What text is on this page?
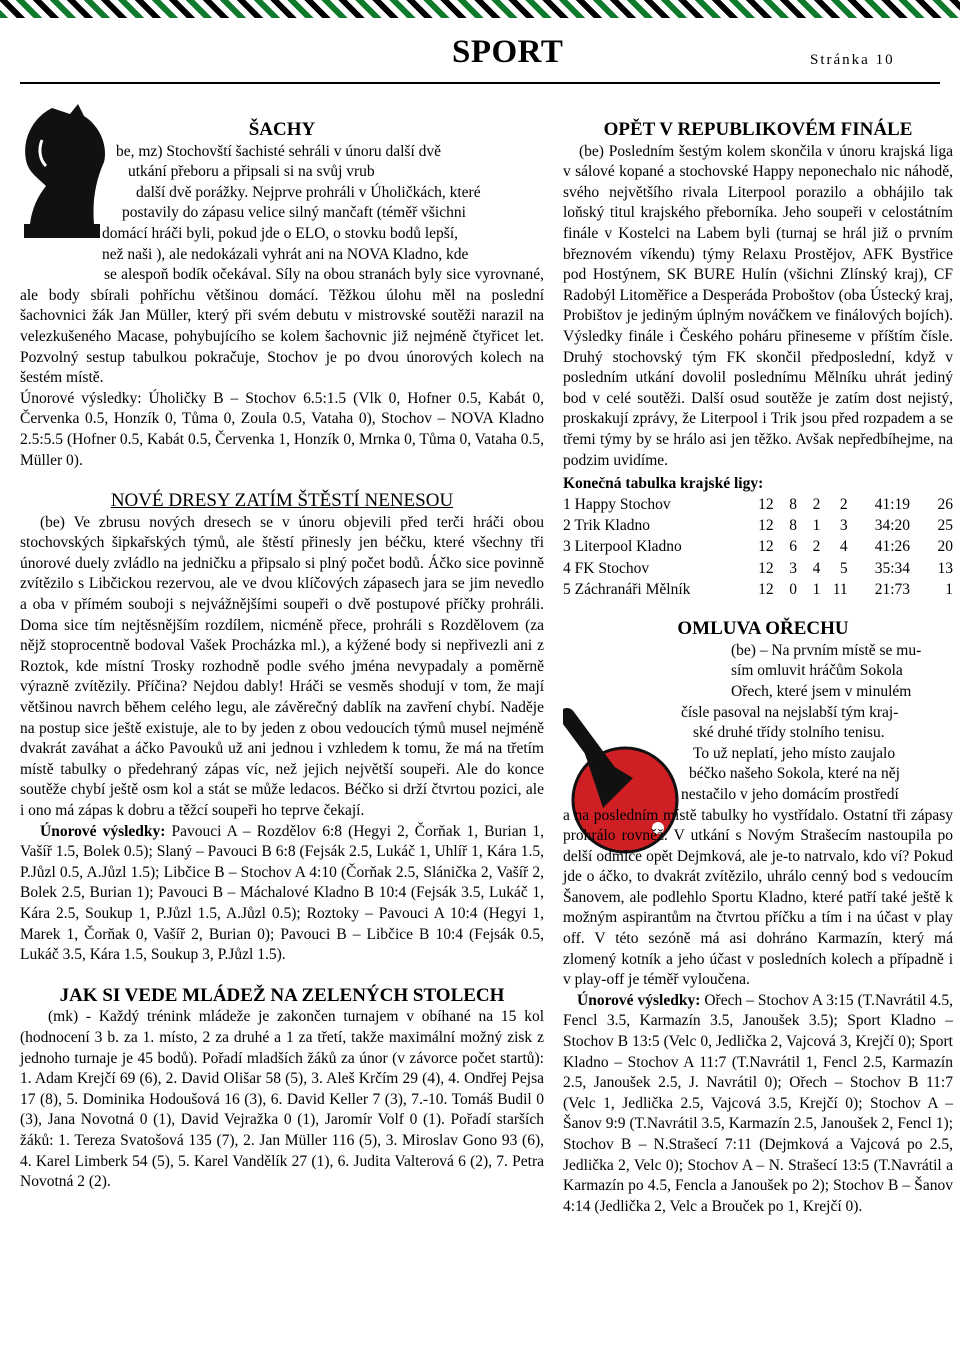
SPORT	Stránka 10
ŠACHY

be, mz) Stochovští šachisté sehráli v únoru další dvě

utkání přeboru a připsali si na svůj vrub

další dvě porážky. Nejprve prohráli v Úholičkách, které

postavily do zápasu velice silný mančaft (téměř všichni

domácí hráči byli, pokud jde o ELO, o stovku bodů lepší,

než naši ), ale nedokázali vyhrát ani na NOVA Kladno, kde

se alespoň bodík očekával. Síly na obou stranách byly sice vyrovnané, ale body sbírali pohříchu většinou domácí. Těžkou úlohu měl na poslední šachovnici žák Jan Müller, který při svém debutu v mistrovské soutěži narazil na velezkušeného Macase, pohybujícího se kolem šachovnic již nejméně čtyřicet let. Pozvolný sestup tabulkou pokračuje, Stochov je po dvou únorových kolech na šestém místě.

Únorové výsledky: Úholičky B – Stochov 6.5:1.5 (Vlk 0, Hofner 0.5, Kabát 0, Červenka 0.5, Honzík 0, Tůma 0, Zoula 0.5, Vataha 0), Stochov – NOVA Kladno 2.5:5.5 (Hofner 0.5, Kabát 0.5, Červenka 1, Honzík 0, Mrnka 0, Tůma 0, Vataha 0.5, Müller 0).

NOVÉ DRESY ZATÍM ŠTĚSTÍ NENESOU

(be) Ve zbrusu nových dresech se v únoru objevili před terči hráči obou stochovských šipkařských týmů, ale štěstí přinesly jen béčku, které všechny tři únorové duely zvládlo na jedničku a připsalo si plný počet bodů. Áčko sice povinně zvítězilo s Libčickou rezervou, ale ve dvou klíčových zápasech jara se jim nevedlo a oba v přímém souboji s nejvážnějšími soupeři o dvě postupové příčky prohráli. Doma sice tím nejtěsnějším rozdílem, nicméně přece, prohráli s Rozdělovem (za nějž stoprocentně bodoval Vašek Procházka ml.), a kýžené body si nepřivezli ani z Roztok, kde místní Trosky rozhodně podle svého jména nevypadaly a poměrně výrazně zvítězily. Příčina? Nejdou dably! Hráči se vesměs shodují v tom, že mají většinou navrch během celého legu, ale závěrečný dablík na zavření chybí. Naděje na postup sice ještě existuje, ale to by jeden z obou vedoucích týmů musel nejméně dvakrát zaváhat a áčko Pavouků už ani jednou i vzhledem k tomu, že má na třetím místě tabulky o předehraný zápas víc, než jejich největší soupeři. Ale do konce soutěže chybí ještě osm kol a stát se může ledacos. Béčko si drží čtvrtou pozici, ale i ono má zápas k dobru a těžcí soupeři ho teprve čekají.

Únorové výsledky: Pavouci A – Rozdělov 6:8 (Hegyi 2, Čorňak 1, Burian 1, Vašíř 1.5, Bolek 0.5); Slaný – Pavouci B 6:8 (Fejsák 2.5, Lukáč 1, Uhlíř 1, Kára 1.5, P.Jůzl 0.5, A.Jůzl 1.5); Libčice B – Stochov A 4:10 (Čorňak 2.5, Slánička 2, Vašíř 2, Bolek 2.5, Burian 1); Pavouci B – Máchalové Kladno B 10:4 (Fejsák 3.5, Lukáč 1, Kára 2.5, Soukup 1, P.Jůzl 1.5, A.Jůzl 0.5); Roztoky – Pavouci A 10:4 (Hegyi 1, Marek 1, Čorňak 0, Vašíř 2, Burian 0); Pavouci B – Libčice B 10:4 (Fejsák 0.5, Lukáč 3.5, Kára 1.5, Soukup 3, P.Jůzl 1.5).

JAK SI VEDE MLÁDEŽ NA ZELENÝCH STOLECH

(mk) - Každý trénink mládeže je zakončen turnajem v obíhané na 15 kol (hodnocení 3 b. za 1. místo, 2 za druhé a 1 za třetí, takže maximální možný zisk z jednoho turnaje je 45 bodů). Pořadí mladších žáků za únor (v závorce počet startů): 1. Adam Krejčí 69 (6), 2. David Olišar 58 (5), 3. Aleš Krčím 29 (4), 4. Ondřej Pejsa 17 (8), 5. Dominika Hodoušová 16 (3), 6. David Keller 7 (3), 7.-10. Tomáš Budil 0 (3), Jana Novotná 0 (1), David Vejražka 0 (1), Jaromír Volf 0 (1). Pořadí starších žáků: 1. Tereza Svatošová 135 (7), 2. Jan Müller 116 (5), 3. Miroslav Gono 93 (6), 4. Karel Limberk 54 (5), 5. Karel Vandělík 27 (1), 6. Judita Valterová 6 (2), 7. Petra Novotná 2 (2).

OPĚT V REPUBLIKOVÉM FINÁLE

(be) Posledním šestým kolem skončila v únoru krajská liga v sálové kopané a stochovské Happy neponechalo nic náhodě, svého největšího rivala Literpool porazilo a obhájilo tak loňský titul krajského přeborníka. Jeho soupeři v celostátním finále v Kostelci na Labem byli (turnaj se hrál již o prvním březnovém víkendu) týmy Relaxu Prostějov, AFK Bystřice pod Hostýnem, SK BURE Hulín (všichni Zlínský kraj), CF Radobýl Litoměřice a Desperáda Proboštov (oba Ústecký kraj, Probištov je jediným úplným nováčkem ve finálových bojích). Výsledky finále i Českého poháru přineseme v příštím čísle. Druhý stochovský tým FK skončil předposlední, když v posledním utkání dovolil poslednímu Mělníku uhrát jediný bod v celé soutěži. Další osud soutěže je zatím dost nejistý, proskakují zprávy, že Literpool i Trik jsou před rozpadem a se třemi týmy by se hrálo asi jen těžko. Avšak nepředbíhejme, na podzim uvidíme.

Konečná tabulka krajské ligy:

1 Happy Stochov	12	8	2	2	41:19	26
2 Trik Kladno	12	8	1	3	34:20	25
3 Literpool Kladno	12	6	2	4	41:26	20
4 FK Stochov	12	3	4	5	35:34	13
5 Záchranáři Mělník	12	0	1	11	21:73	1
OMLUVA OŘECHU

(be) – Na prvním místě se mu-

sím omluvit hráčům Sokola

Ořech, které jsem v minulém

čísle pasoval na nejslabší tým kraj-

ské druhé třídy stolního tenisu.

To už neplatí, jeho místo zaujalo

béčko našeho Sokola, které na něj

nestačilo v jeho domácím prostředí

a na posledním místě tabulky ho vystřídalo. Ostatní tři zápasy prohrálo rovněž. V utkání s Novým Strašecím nastoupila po delší odmlce opět Dejmková, ale je-to natrvalo, kdo ví? Pokud jde o áčko, to dvakrát zvítězilo, uhrálo cenný bod s vedoucím Šanovem, ale podlehlo Sportu Kladno, které patří také ještě k možným aspirantům na čtvrtou příčku a tím i na účast v play off. V této sezóně má asi dohráno Karmazín, který má zlomený kotník a jeho účast v posledních kolech a případně i v play-off je téměř vyloučena.

Únorové výsledky: Ořech – Stochov A 3:15 (T.Navrátil 4.5, Fencl 3.5, Karmazín 3.5, Janoušek 3.5); Sport Kladno – Stochov B 13:5 (Velc 0, Jedlička 2, Vajcová 3, Krejčí 0); Sport Kladno – Stochov A 11:7 (T.Navrátil 1, Fencl 2.5, Karmazín 2.5, Janoušek 2.5, J. Navrátil 0); Ořech – Stochov B 11:7 (Velc 1, Jedlička 2.5, Vajcová 3.5, Krejčí 0); Stochov A – Šanov 9:9 (T.Navrátil 3.5, Karmazín 2.5, Janoušek 2, Fencl 1); Stochov B – N.Strašecí 7:11 (Dejmková a Vajcová po 2.5, Jedlička 2, Velc 0); Stochov A – N. Strašecí 13:5 (T.Navrátil a Karmazín po 4.5, Fencla a Janoušek po 2); Stochov B – Šanov 4:14 (Jedlička 2, Velc a Brouček po 1, Krejčí 0).
